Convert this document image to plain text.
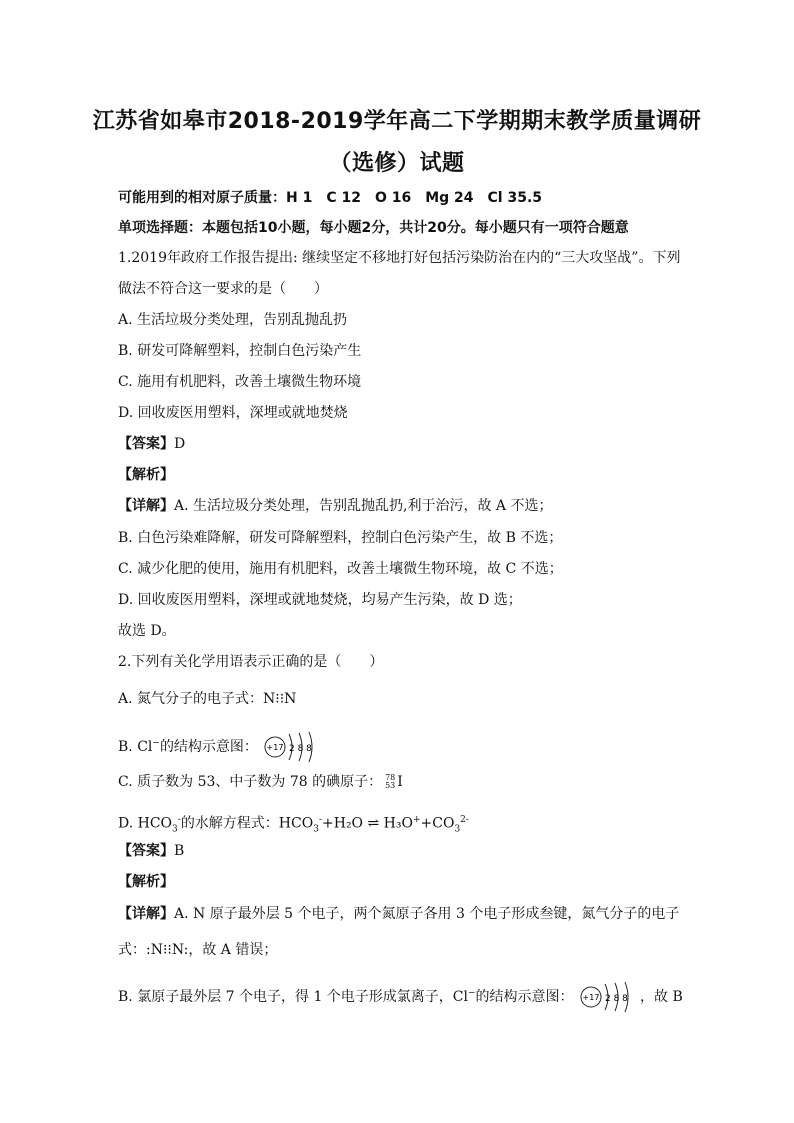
江苏省如皋市2018-2019学年高二下学期期末教学质量调研
（选修）试题
可能用到的相对原子质量：H 1　C 12　O 16　Mg 24　Cl 35.5
单项选择题：本题包括10小题，每小题2分，共计20分。每小题只有一项符合题意
1.2019年政府工作报告提出: 继续坚定不移地打好包括污染防治在内的“三大攻坚战”。下列
做法不符合这一要求的是（　　）
A. 生活垃圾分类处理，告别乱抛乱扔
B. 研发可降解塑料，控制白色污染产生
C. 施用有机肥料，改善土壤微生物环境
D. 回收废医用塑料，深埋或就地焚烧
【答案】D
【解析】
【详解】A. 生活垃圾分类处理，告别乱抛乱扔,利于治污，故 A 不选；
B. 白色污染难降解，研发可降解塑料，控制白色污染产生，故 B 不选；
C. 减少化肥的使用，施用有机肥料，改善土壤微生物环境，故 C 不选；
D. 回收废医用塑料，深埋或就地焚烧，均易产生污染，故 D 选；
故选 D。
2.下列有关化学用语表示正确的是（　　）
A. 氮气分子的电子式：N⁝⁝N
B. Cl−的结构示意图： +17 2 8 8
C. 质子数为 53、中子数为 78 的碘原子： 78
53 I
D. $HCO_3^-$的水解方程式：$HCO_3^-+H_2O$ ⇌ $H_3O^++CO_3^{2-}$
【答案】B
【解析】
【详解】A. N 原子最外层 5 个电子，两个氮原子各用 3 个电子形成叁键，氮气分子的电子
式：:N⁝⁝N:，故 A 错误；
B. 氯原子最外层 7 个电子，得 1 个电子形成氯离子，Cl−的结构示意图： +17 2 8 8 ，故 B
